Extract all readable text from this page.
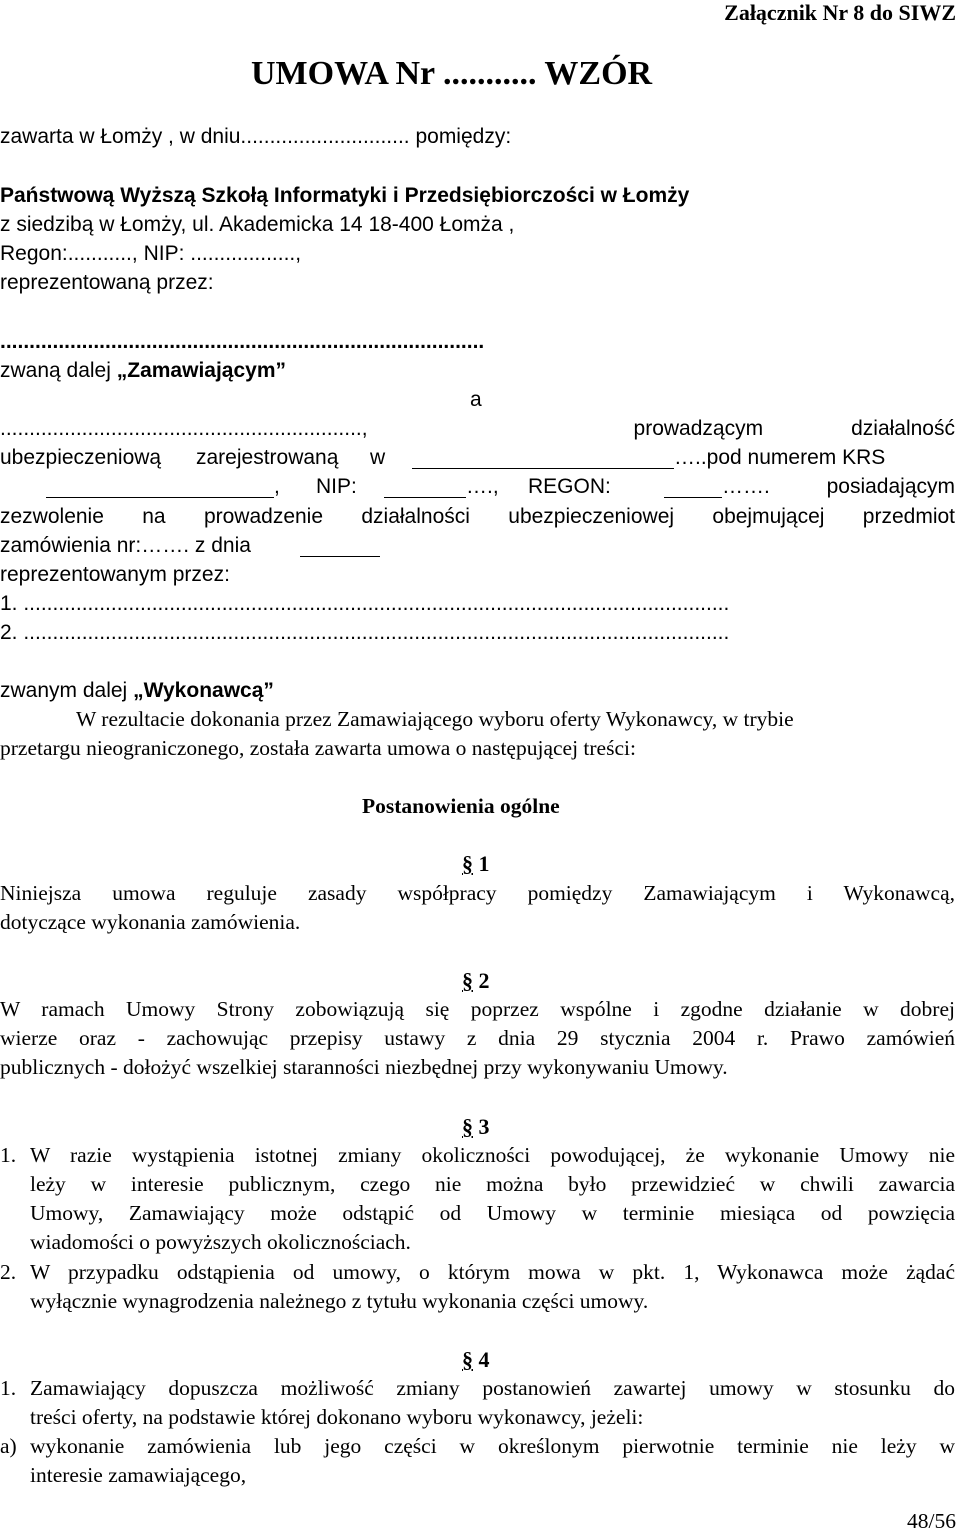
Załącznik Nr 8 do SIWZ
UMOWA Nr ........... WZÓR
zawarta w Łomży , w dniu............................. pomiędzy:
Państwową Wyższą Szkołą Informatyki i Przedsiębiorczości w Łomży
z siedzibą w Łomży, ul. Akademicka 14 18-400 Łomża ,
Regon:..........., NIP: ..................,
reprezentowaną przez:
...................................................................................
zwaną dalej „Zamawiającym”
a
..............................................................,	prowadzącym	działalność
ubezpieczeniową zarejestrowaną w	…..pod numerem KRS
, NIP:	…., REGON:	…….	posiadającym
zezwolenie na prowadzenie działalności ubezpieczeniowej obejmującej przedmiot
zamówienia nr:……. z dnia
reprezentowanym przez:
1. .........................................................................................................................
2. .........................................................................................................................
zwanym dalej „Wykonawcą”
W rezultacie dokonania przez Zamawiającego wyboru oferty Wykonawcy, w trybie
przetargu nieograniczonego, została zawarta umowa o następującej treści:
Postanowienia ogólne
§ 1
Niniejsza umowa reguluje zasady współpracy pomiędzy Zamawiającym i Wykonawcą,
dotyczące wykonania zamówienia.
§ 2
W ramach Umowy Strony zobowiązują się poprzez wspólne i zgodne działanie w dobrej
wierze oraz - zachowując przepisy ustawy z dnia 29 stycznia 2004 r. Prawo zamówień
publicznych - dołożyć wszelkiej staranności niezbędnej przy wykonywaniu Umowy.
§ 3
1. W razie wystąpienia istotnej zmiany okoliczności powodującej, że wykonanie Umowy nie
leży w interesie publicznym, czego nie można było przewidzieć w chwili zawarcia
Umowy, Zamawiający może odstąpić od Umowy w terminie miesiąca od powzięcia
wiadomości o powyższych okolicznościach.
2. W przypadku odstąpienia od umowy, o którym mowa w pkt. 1, Wykonawca może żądać
wyłącznie wynagrodzenia należnego z tytułu wykonania części umowy.
§ 4
1. Zamawiający dopuszcza możliwość zmiany postanowień zawartej umowy w stosunku do
treści oferty, na podstawie której dokonano wyboru wykonawcy, jeżeli:
a) wykonanie zamówienia lub jego części w określonym pierwotnie terminie nie leży w
interesie zamawiającego,
48/56
